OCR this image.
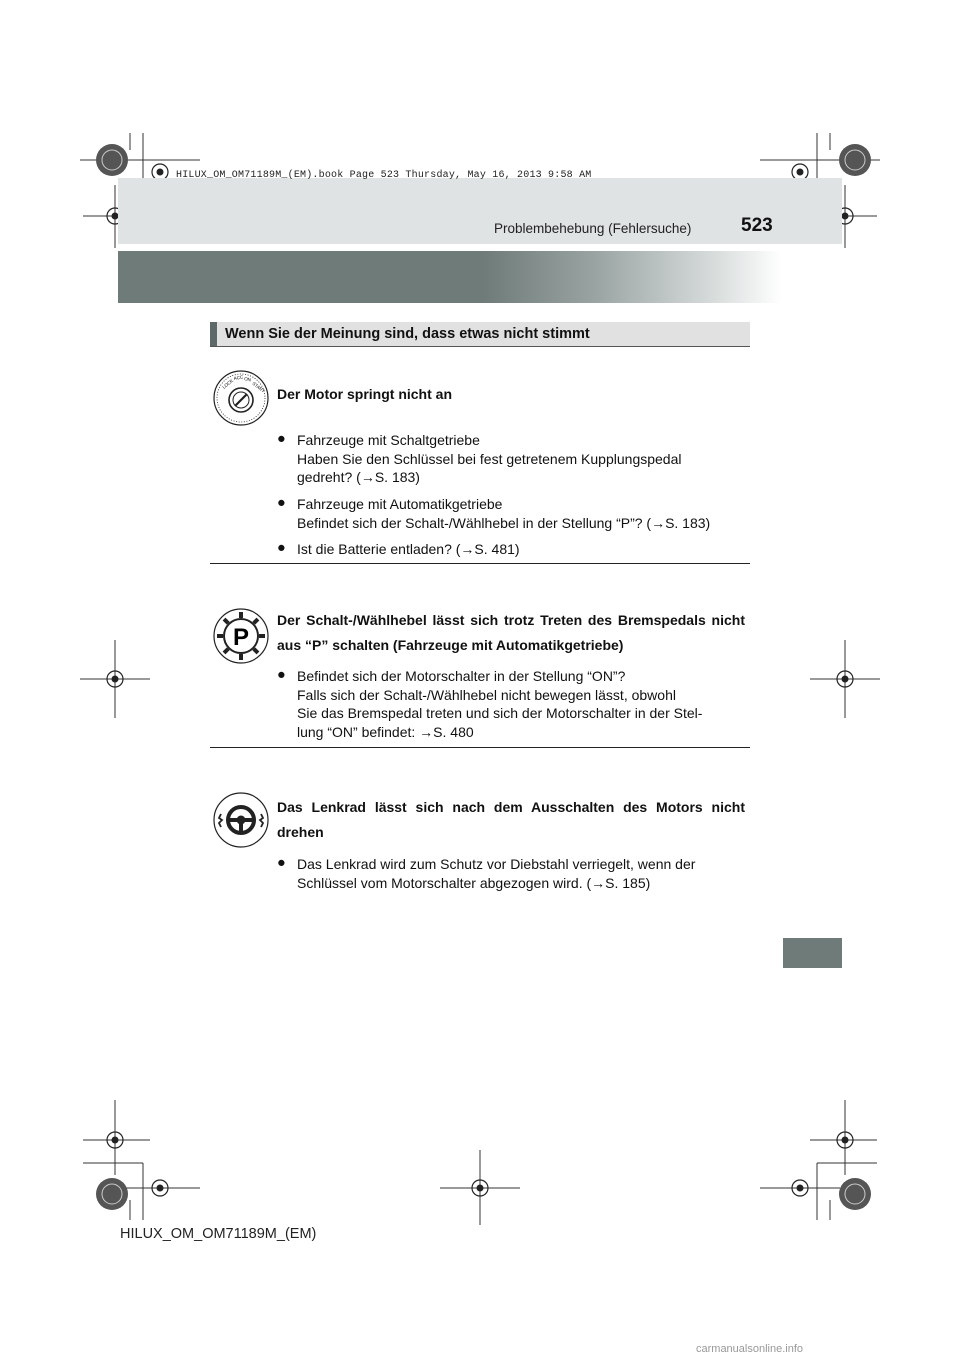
HILUX_OM_OM71189M_(EM).book Page 523 Thursday, May 16, 2013 9:58 AM
Problembehebung (Fehlersuche)	523
Wenn Sie der Meinung sind, dass etwas nicht stimmt
LOCK
ACC ON
START Der Motor springt nicht an
● Fahrzeuge mit Schaltgetriebe
Haben Sie den Schlüssel bei fest getretenem Kupplungspedal
gedreht? (→S. 183)
● Fahrzeuge mit Automatikgetriebe
Befindet sich der Schalt-/Wählhebel in der Stellung “P”? (→S. 183)
● Ist die Batterie entladen? (→S. 481)
P
Der Schalt-/Wählhebel lässt sich trotz Treten des Bremspedals nicht aus “P” schalten (Fahrzeuge mit Automatikgetriebe)
● Befindet sich der Motorschalter in der Stellung “ON”?
Falls sich der Schalt-/Wählhebel nicht bewegen lässt, obwohl
Sie das Bremspedal treten und sich der Motorschalter in der Stel-
lung “ON” befindet: →S. 480
Das Lenkrad lässt sich nach dem Ausschalten des Motors nicht drehen
● Das Lenkrad wird zum Schutz vor Diebstahl verriegelt, wenn der
Schlüssel vom Motorschalter abgezogen wird. (→S. 185)
HILUX_OM_OM71189M_(EM)
carmanualsonline.info
